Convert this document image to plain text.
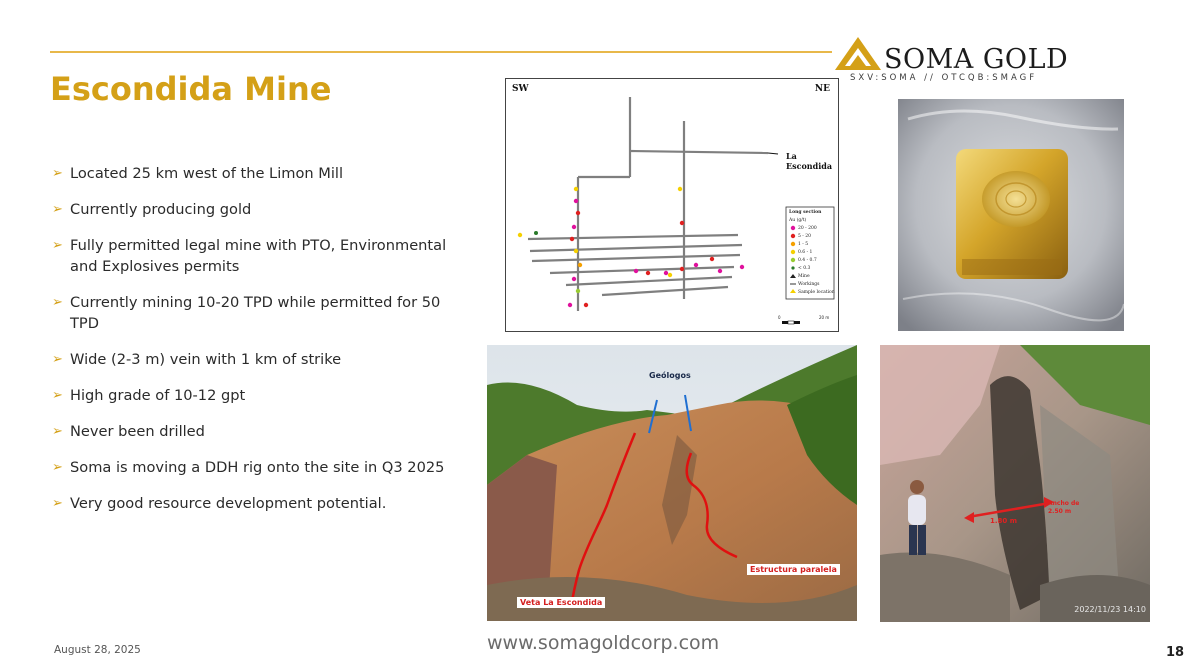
SOMA GOLD
SXV:SOMA // OTCQB:SMAGF
Escondida Mine
➢ Located 25 km west of the Limon Mill
➢ Currently producing gold
➢ Fully permitted legal mine with PTO, Environmental and Explosives permits
➢ Currently mining 10-20 TPD while permitted for 50 TPD
➢ Wide (2-3 m) vein with 1 km of strike
➢ High grade of 10-12 gpt
➢ Never been drilled
➢ Soma is moving a DDH rig onto the site in Q3 2025
➢ Very good resource development potential.
SW	NE
La Escondida
Long section
Au (g/t)
20 - 200
5 - 20
1 - 5
0.6 - 1
0.4 - 0.7
< 0.3
Mine
Workings
Sample location
0	20 m
Geólogos
Estructura paralela
Veta La Escondida
1.80 m
Ancho de 2.50 m
2022/11/23 14:10
August 28, 2025	www.somagoldcorp.com	18
